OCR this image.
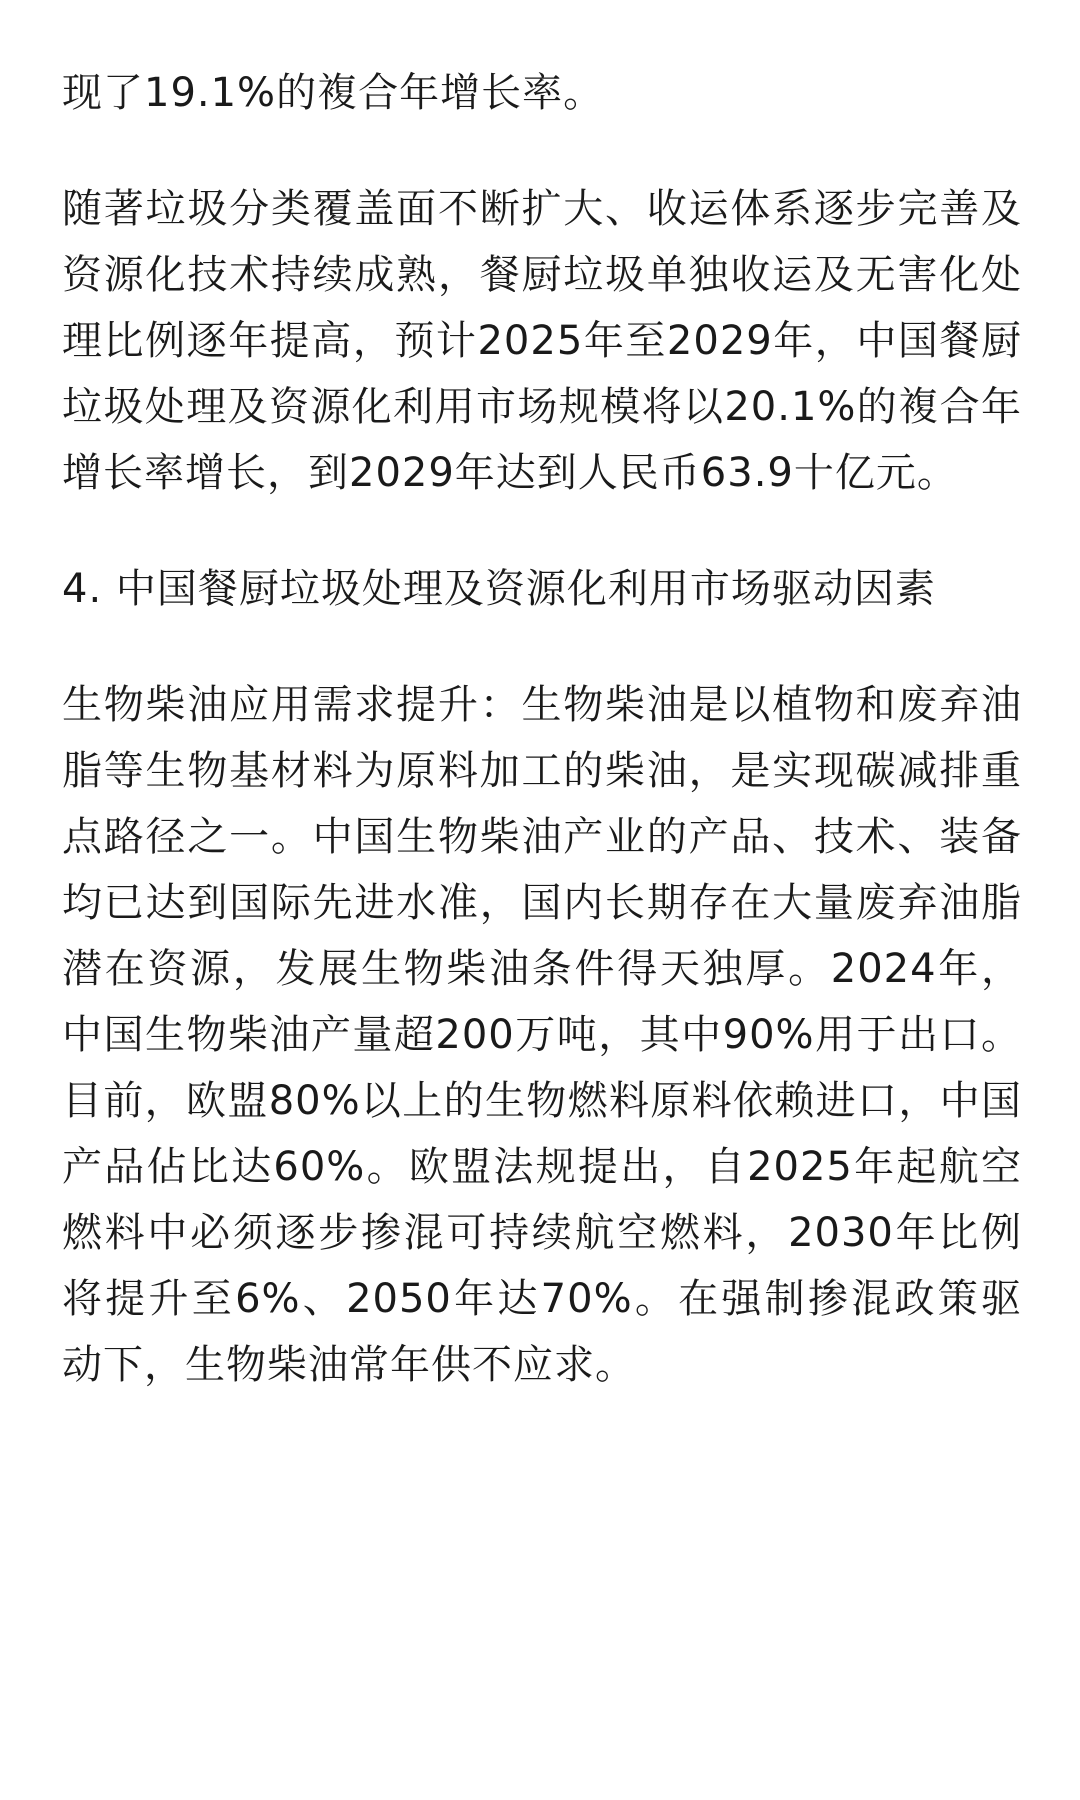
现了19.1%的複合年增长率。

随著垃圾分类覆盖面不断扩大、收运体系逐步完善及资源化技术持续成熟，餐厨垃圾单独收运及无害化处理比例逐年提高，预计2025年至2029年，中国餐厨垃圾处理及资源化利用市场规模将以20.1%的複合年增长率增长，到2029年达到人民币63.9十亿元。

4. 中国餐厨垃圾处理及资源化利用市场驱动因素

生物柴油应用需求提升：生物柴油是以植物和废弃油脂等生物基材料为原料加工的柴油，是实现碳减排重点路径之一。中国生物柴油产业的产品、技术、装备均已达到国际先进水准，国内长期存在大量废弃油脂潜在资源，发展生物柴油条件得天独厚。2024年，中国生物柴油产量超200万吨，其中90%用于出口。目前，欧盟80%以上的生物燃料原料依赖进口，中国产品佔比达60%。欧盟法规提出，自2025年起航空燃料中必须逐步掺混可持续航空燃料，2030年比例将提升至6%、2050年达70%。在强制掺混政策驱动下，生物柴油常年供不应求。
